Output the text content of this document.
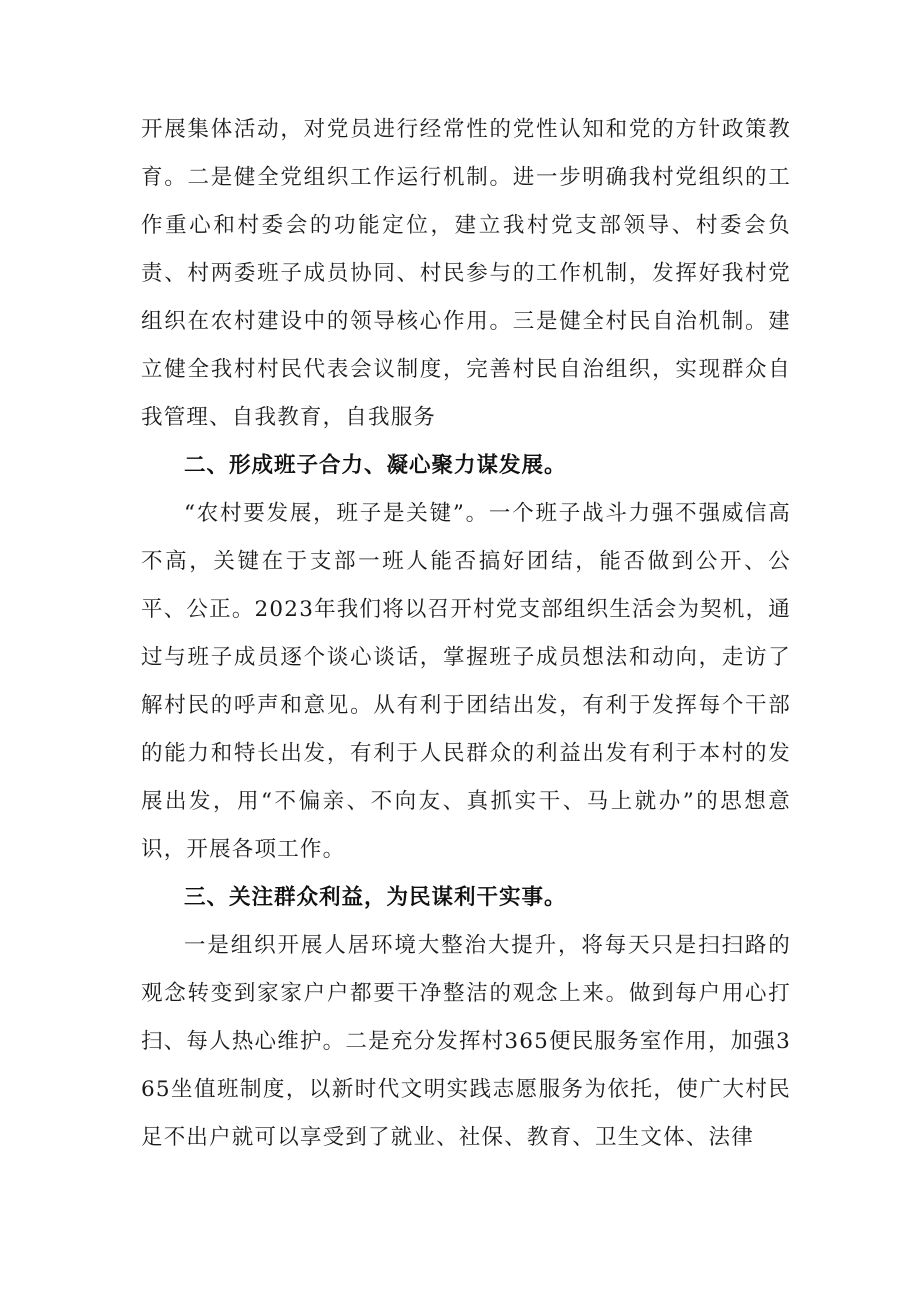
开展集体活动，对党员进行经常性的党性认知和党的方针政策教育。二是健全党组织工作运行机制。进一步明确我村党组织的工作重心和村委会的功能定位，建立我村党支部领导、村委会负责、村两委班子成员协同、村民参与的工作机制，发挥好我村党组织在农村建设中的领导核心作用。三是健全村民自治机制。建立健全我村村民代表会议制度，完善村民自治组织，实现群众自我管理、自我教育，自我服务

二、形成班子合力、凝心聚力谋发展。

“农村要发展，班子是关键”。一个班子战斗力强不强威信高不高，关键在于支部一班人能否搞好团结，能否做到公开、公平、公正。2023年我们将以召开村党支部组织生活会为契机，通过与班子成员逐个谈心谈话，掌握班子成员想法和动向，走访了解村民的呼声和意见。从有利于团结出发，有利于发挥每个干部的能力和特长出发，有利于人民群众的利益出发有利于本村的发展出发，用“不偏亲、不向友、真抓实干、马上就办”的思想意识，开展各项工作。

三、关注群众利益，为民谋利干实事。

一是组织开展人居环境大整治大提升，将每天只是扫扫路的观念转变到家家户户都要干净整洁的观念上来。做到每户用心打扫、每人热心维护。二是充分发挥村365便民服务室作用，加强365坐值班制度，以新时代文明实践志愿服务为依托，使广大村民足不出户就可以享受到了就业、社保、教育、卫生文体、法律
